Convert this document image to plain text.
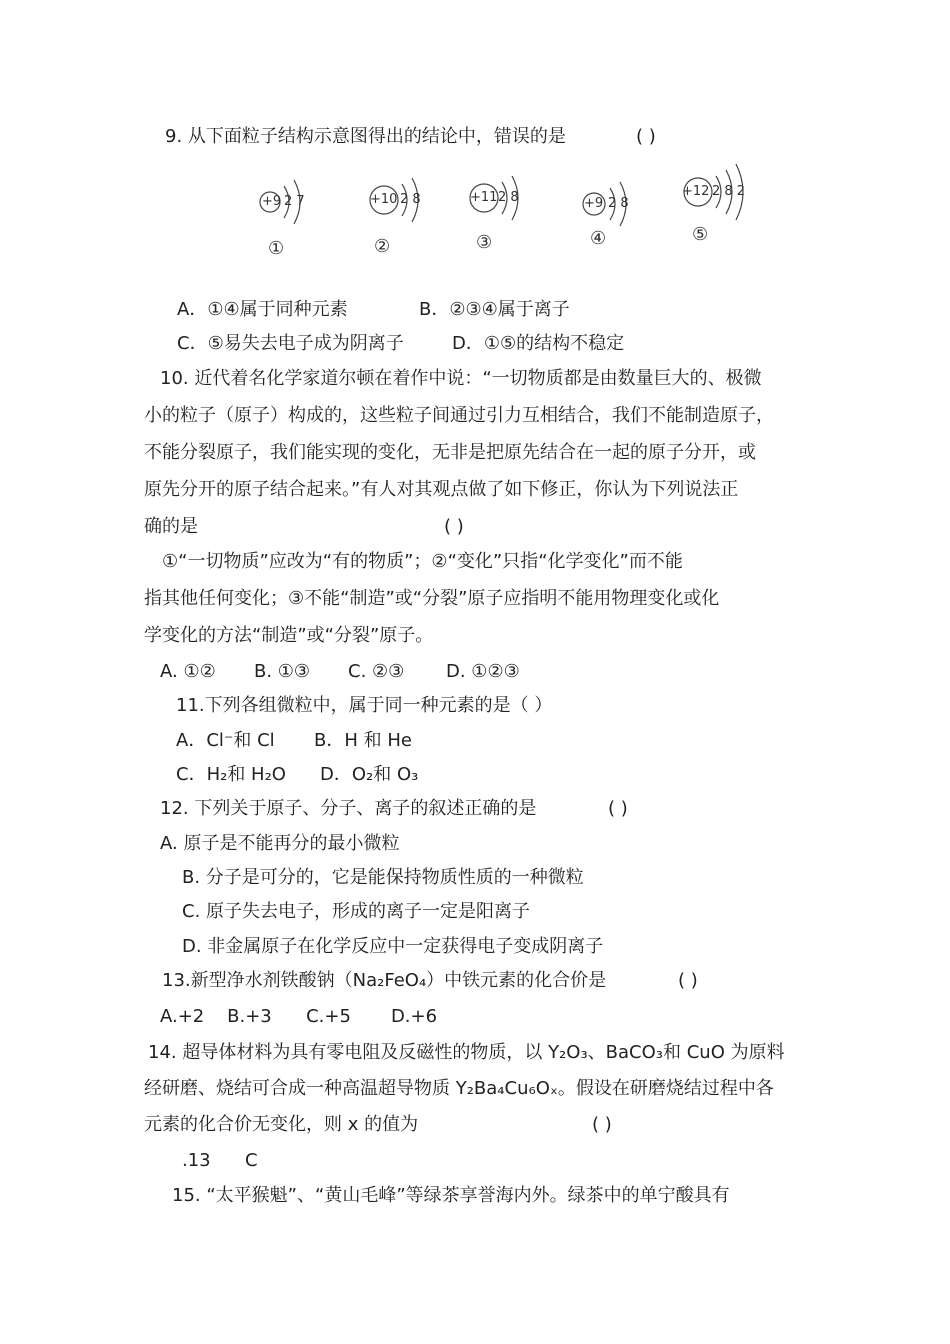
9. 从下面粒子结构示意图得出的结论中，错误的是	( )
+9 2 7
①
+10 2 8
②
+11 2 8
③
+9 2 8
④
+12 2 8 2
⑤
A．①④属于同种元素	B．②③④属于离子
C．⑤易失去电子成为阴离子	D．①⑤的结构不稳定
10. 近代着名化学家道尔顿在着作中说：“一切物质都是由数量巨大的、极微
小的粒子（原子）构成的，这些粒子间通过引力互相结合，我们不能制造原子，
不能分裂原子，我们能实现的变化，无非是把原先结合在一起的原子分开，或
原先分开的原子结合起来。”有人对其观点做了如下修正，你认为下列说法正
确的是	( )
①“一切物质”应改为“有的物质”；②“变化”只指“化学变化”而不能
指其他任何变化；③不能“制造”或“分裂”原子应指明不能用物理变化或化
学变化的方法“制造”或“分裂”原子。
A. ①② B. ①③ C. ②③ D. ①②③
11.下列各组微粒中，属于同一种元素的是（ ）
A．Cl⁻和 Cl B．H 和 He
C．H₂和 H₂O D．O₂和 O₃
12. 下列关于原子、分子、离子的叙述正确的是	( )
A. 原子是不能再分的最小微粒
B. 分子是可分的，它是能保持物质性质的一种微粒
C. 原子失去电子，形成的离子一定是阳离子
D. 非金属原子在化学反应中一定获得电子变成阴离子
13.新型净水剂铁酸钠（Na₂FeO₄）中铁元素的化合价是	( )
A.+2    B.+3      C.+5       D.+6
14. 超导体材料为具有零电阻及反磁性的物质，以 Y₂O₃、BaCO₃和 CuO 为原料
经研磨、烧结可合成一种高温超导物质 Y₂Ba₄Cu₆Oₓ。假设在研磨烧结过程中各
元素的化合价无变化，则 x 的值为	( )
.13      C
15. “太平猴魁”、“黄山毛峰”等绿茶享誉海内外。绿茶中的单宁酸具有
